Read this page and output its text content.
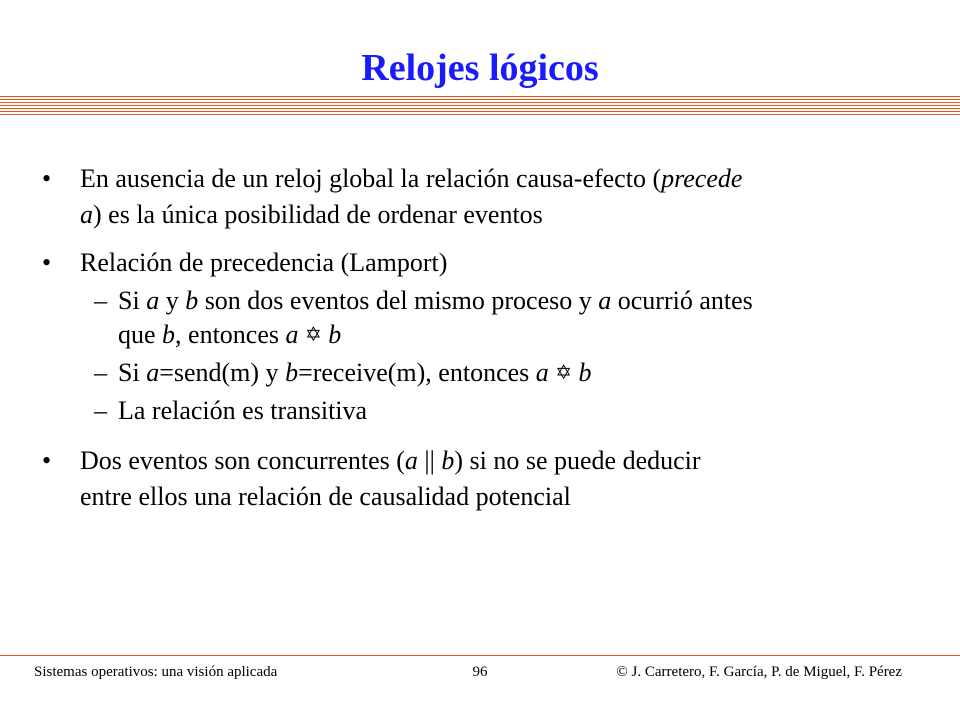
Relojes lógicos
• En ausencia de un reloj global la relación causa-efecto (precede
a) es la única posibilidad de ordenar eventos
• Relación de precedencia (Lamport)
– Si a y b son dos eventos del mismo proceso y a ocurrió antes
que b, entonces a ✡ b
– Si a=send(m) y b=receive(m), entonces a ✡ b
– La relación es transitiva
• Dos eventos son concurrentes (a || b) si no se puede deducir
entre ellos una relación de causalidad potencial
Sistemas operativos: una visión aplicada	96	© J. Carretero, F. García, P. de Miguel, F. Pérez
